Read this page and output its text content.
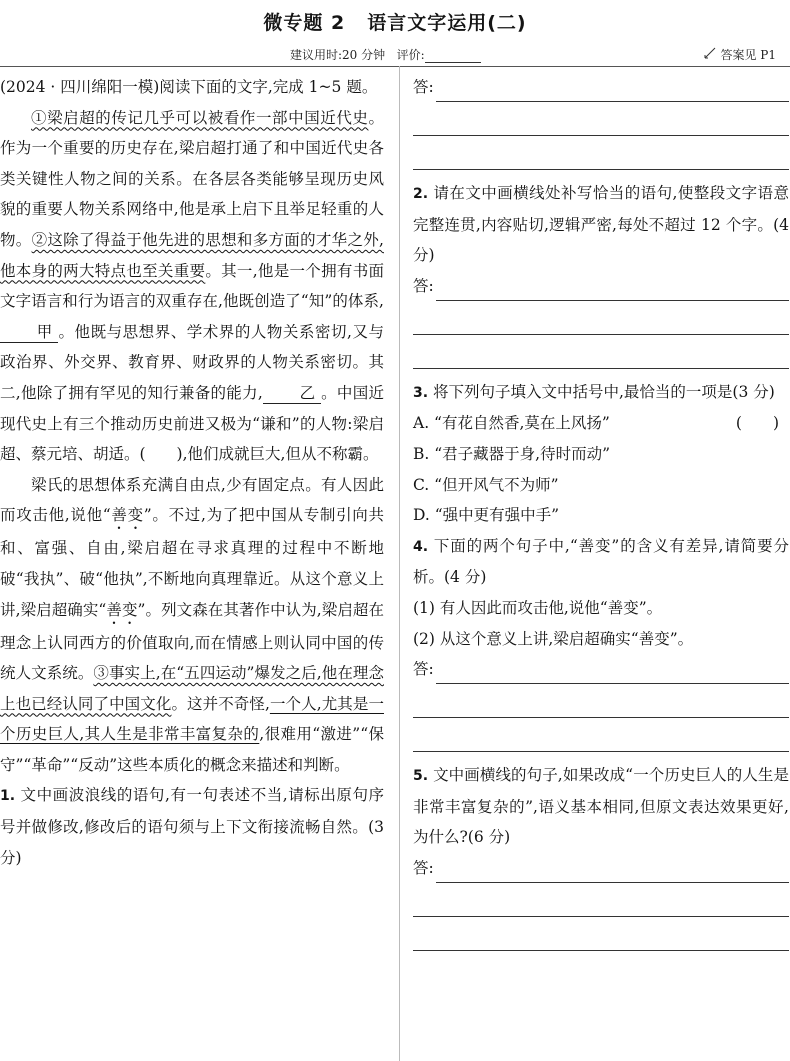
微专题 2 语言文字运用(二)
建议用时:20 分钟 评价:	答案见 P1

(2024 · 四川绵阳一模)阅读下面的文字,完成 1~5 题。

①梁启超的传记几乎可以被看作一部中国近代史。作为一个重要的历史存在,梁启超打通了和中国近代史各类关键性人物之间的关系。在各层各类能够呈现历史风貌的重要人物关系网络中,他是承上启下且举足轻重的人物。②这除了得益于他先进的思想和多方面的才华之外,他本身的两大特点也至关重要。其一,他是一个拥有书面文字语言和行为语言的双重存在,他既创造了“知”的体系,甲 。他既与思想界、学术界的人物关系密切,又与政治界、外交界、教育界、财政界的人物关系密切。其二,他除了拥有罕见的知行兼备的能力, 乙 。中国近现代史上有三个推动历史前进又极为“谦和”的人物:梁启超、蔡元培、胡适。(　　),他们成就巨大,但从不称霸。

梁氏的思想体系充满自由点,少有固定点。有人因此而攻击他,说他“善变”。不过,为了把中国从专制引向共和、富强、自由,梁启超在寻求真理的过程中不断地破“我执”、破“他执”,不断地向真理靠近。从这个意义上讲,梁启超确实“善变”。列文森在其著作中认为,梁启超在理念上认同西方的价值取向,而在情感上则认同中国的传统人文系统。③事实上,在“五四运动”爆发之后,他在理念上也已经认同了中国文化。这并不奇怪,一个人,尤其是一个历史巨人,其人生是非常丰富复杂的,很难用“激进”“保守”“革命”“反动”这些本质化的概念来描述和判断。

1. 文中画波浪线的语句,有一句表述不当,请标出原句序号并做修改,修改后的语句须与上下文衔接流畅自然。(3 分)

答:

2. 请在文中画横线处补写恰当的语句,使整段文字语意完整连贯,内容贴切,逻辑严密,每处不超过 12 个字。(4 分)

答:

3. 将下列句子填入文中括号中,最恰当的一项是(3 分)
(　　)

A. “有花自然香,莫在上风扬”

B. “君子藏器于身,待时而动”

C. “但开风气不为师”

D. “强中更有强中手”

4. 下面的两个句子中,“善变”的含义有差异,请简要分析。(4 分)

(1) 有人因此而攻击他,说他“善变”。

(2) 从这个意义上讲,梁启超确实“善变”。

答:

5. 文中画横线的句子,如果改成“一个历史巨人的人生是非常丰富复杂的”,语义基本相同,但原文表达效果更好,为什么?(6 分)

答:
